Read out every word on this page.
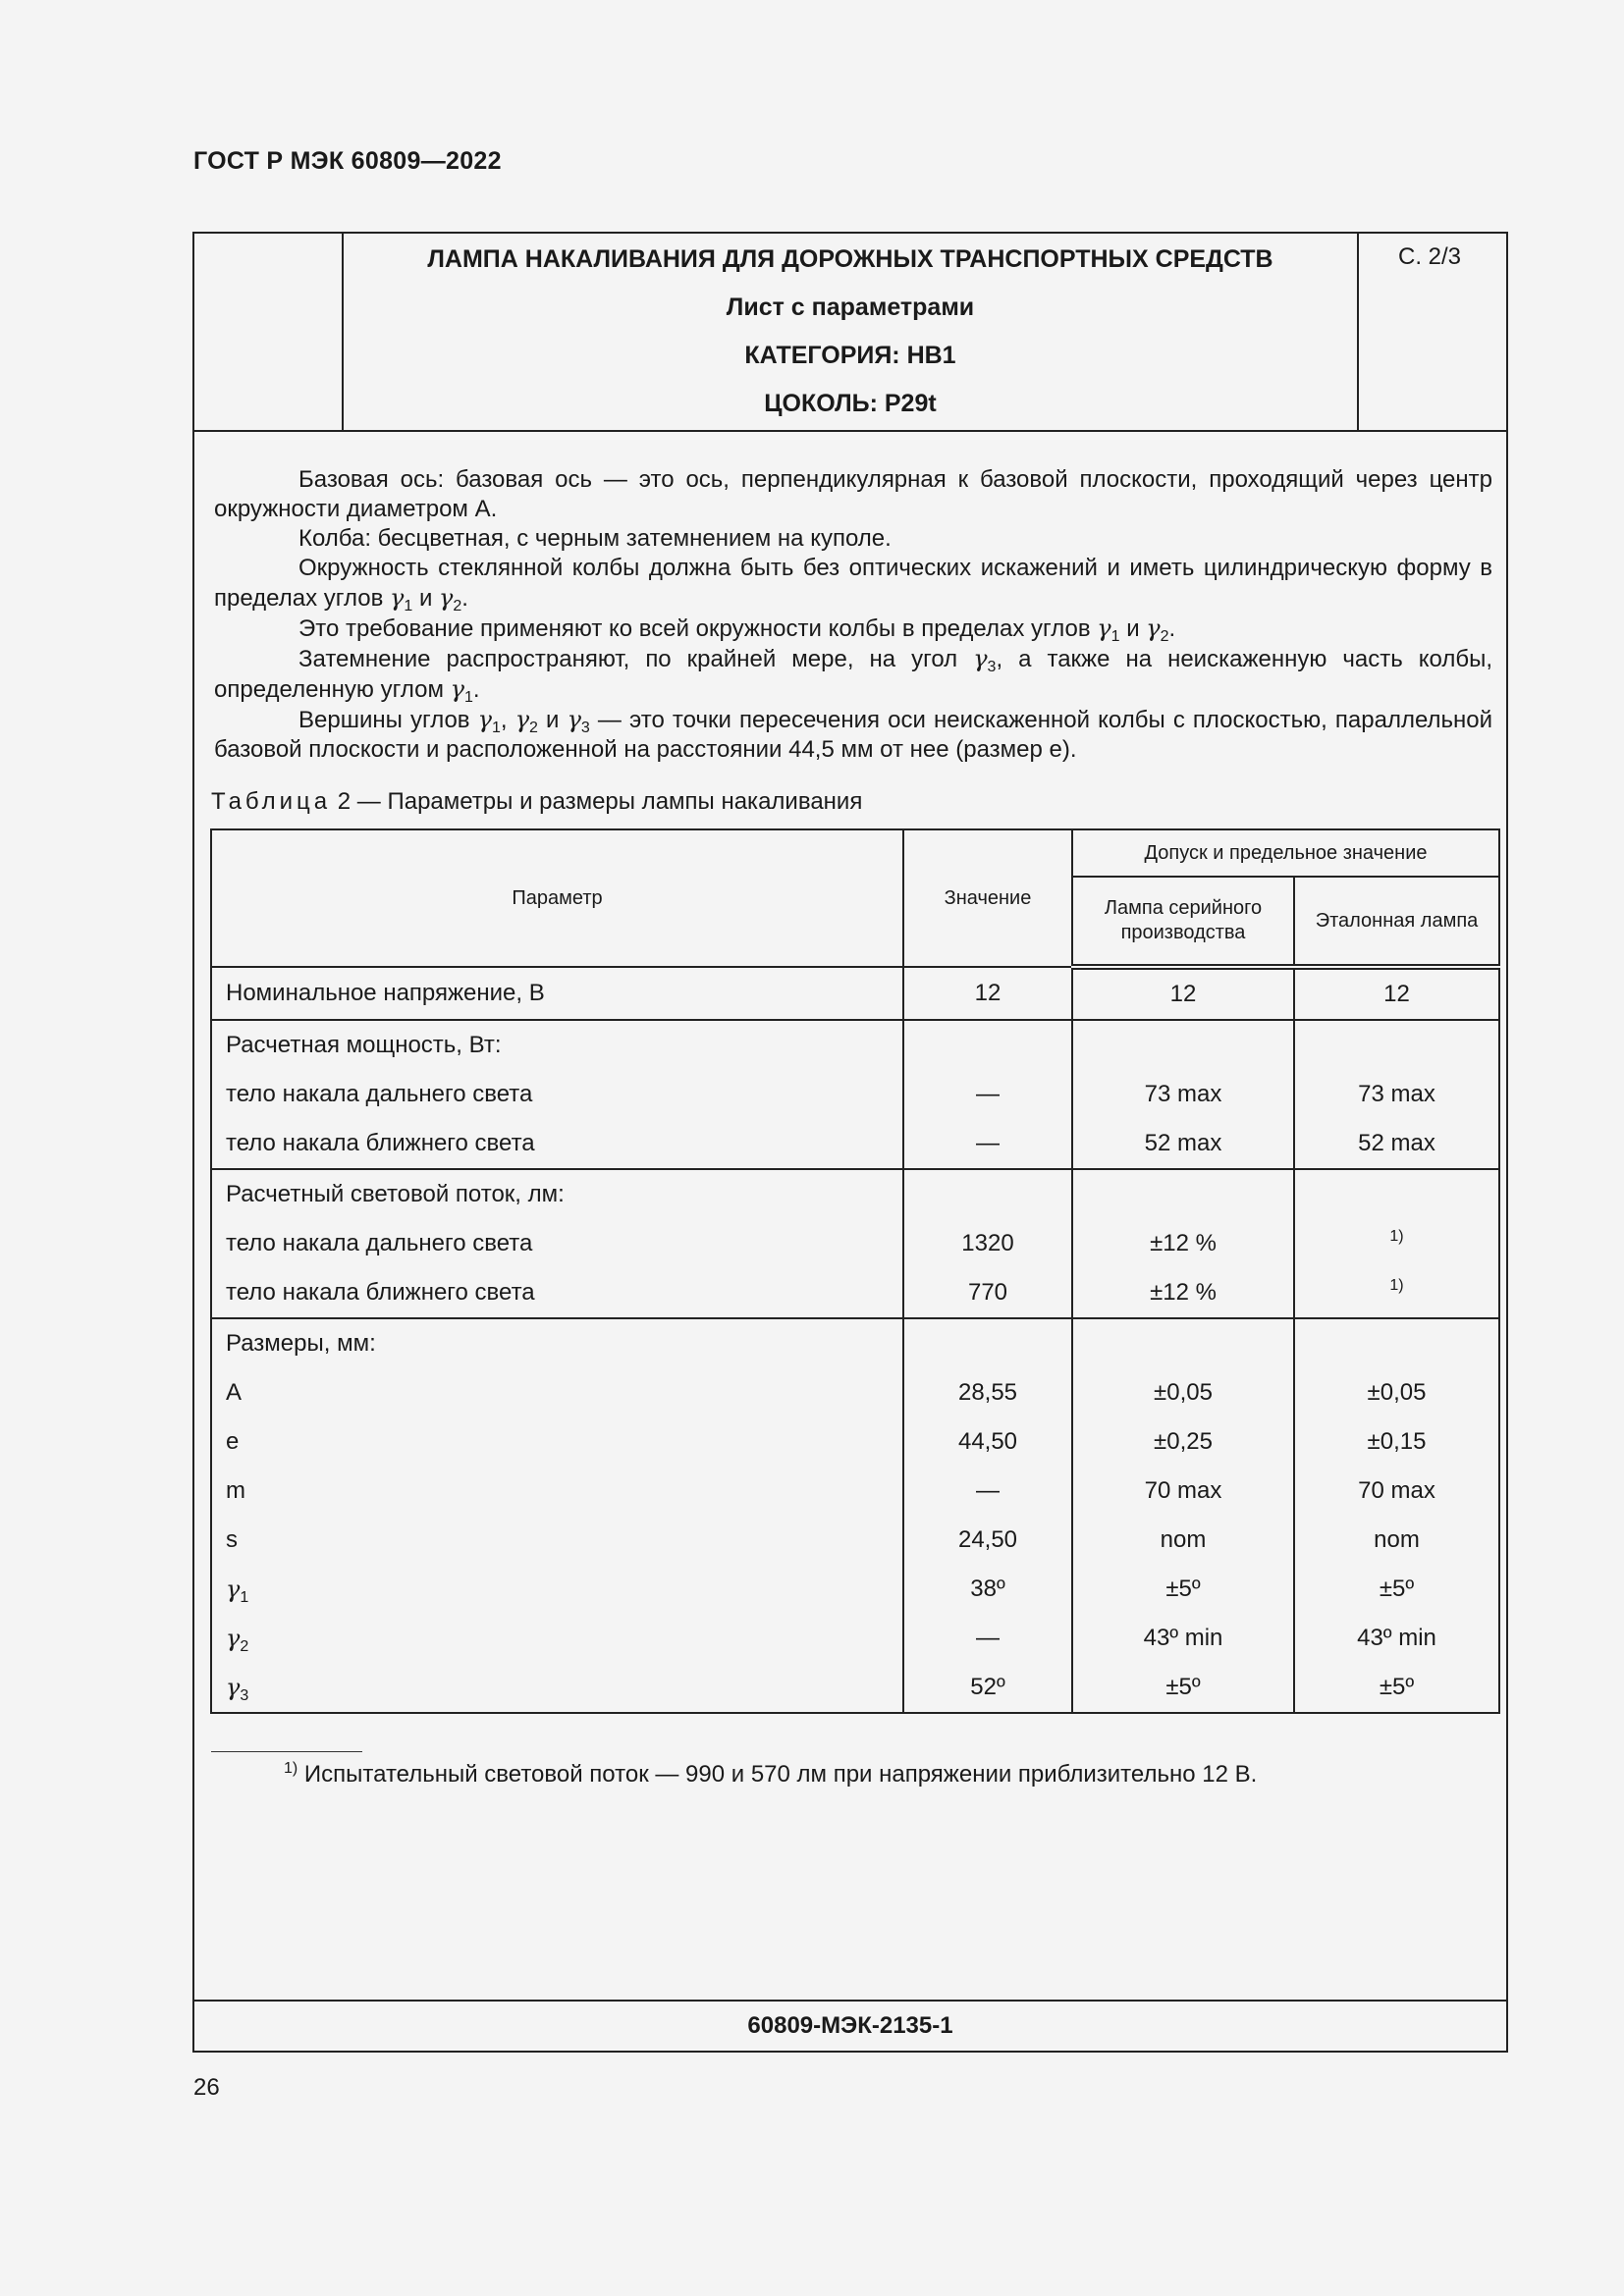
ГОСТ Р МЭК 60809—2022
ЛАМПА НАКАЛИВАНИЯ ДЛЯ ДОРОЖНЫХ ТРАНСПОРТНЫХ СРЕДСТВ
Лист с параметрами
КАТЕГОРИЯ: HB1
ЦОКОЛЬ: P29t
С. 2/3

Базовая ось: базовая ось — это ось, перпендикулярная к базовой плоскости, проходящий через центр окружности диаметром A.

Колба: бесцветная, с черным затемнением на куполе.

Окружность стеклянной колбы должна быть без оптических искажений и иметь цилиндрическую форму в пределах углов $\gamma_1$ и $\gamma_2$.

Это требование применяют ко всей окружности колбы в пределах углов $\gamma_1$ и $\gamma_2$.

Затемнение распространяют, по крайней мере, на угол $\gamma_3$, а также на неискаженную часть колбы, определенную углом $\gamma_1$.

Вершины углов $\gamma_1$, $\gamma_2$ и $\gamma_3$ — это точки пересечения оси неискаженной колбы с плоскостью, параллельной базовой плоскости и расположенной на расстоянии 44,5 мм от нее (размер e).

Таблица 2 — Параметры и размеры лампы накаливания
Параметр	Значение	Допуск и предельное значение	
		Лампа серийного производства	Эталонная лампа
Номинальное напряжение, В	12	12	12
Расчетная мощность, Вт:			
тело накала дальнего света	—	73 max	73 max
тело накала ближнего света	—	52 max	52 max
Расчетный световой поток, лм:			
тело накала дальнего света	1320	±12 %	$^{1)}$
тело накала ближнего света	770	±12 %	$^{1)}$
Размеры, мм:			
A	28,55	±0,05	±0,05
e	44,50	±0,25	±0,15
m	—	70 max	70 max
s	24,50	nom	nom
$\gamma_1$	38º	±5º	±5º
$\gamma_2$	—	43º min	43º min
$\gamma_3$	52º	±5º	±5º
$^{1)}$ Испытательный световой поток — 990 и 570 лм при напряжении приблизительно 12 В.
60809-МЭК-2135-1
26
